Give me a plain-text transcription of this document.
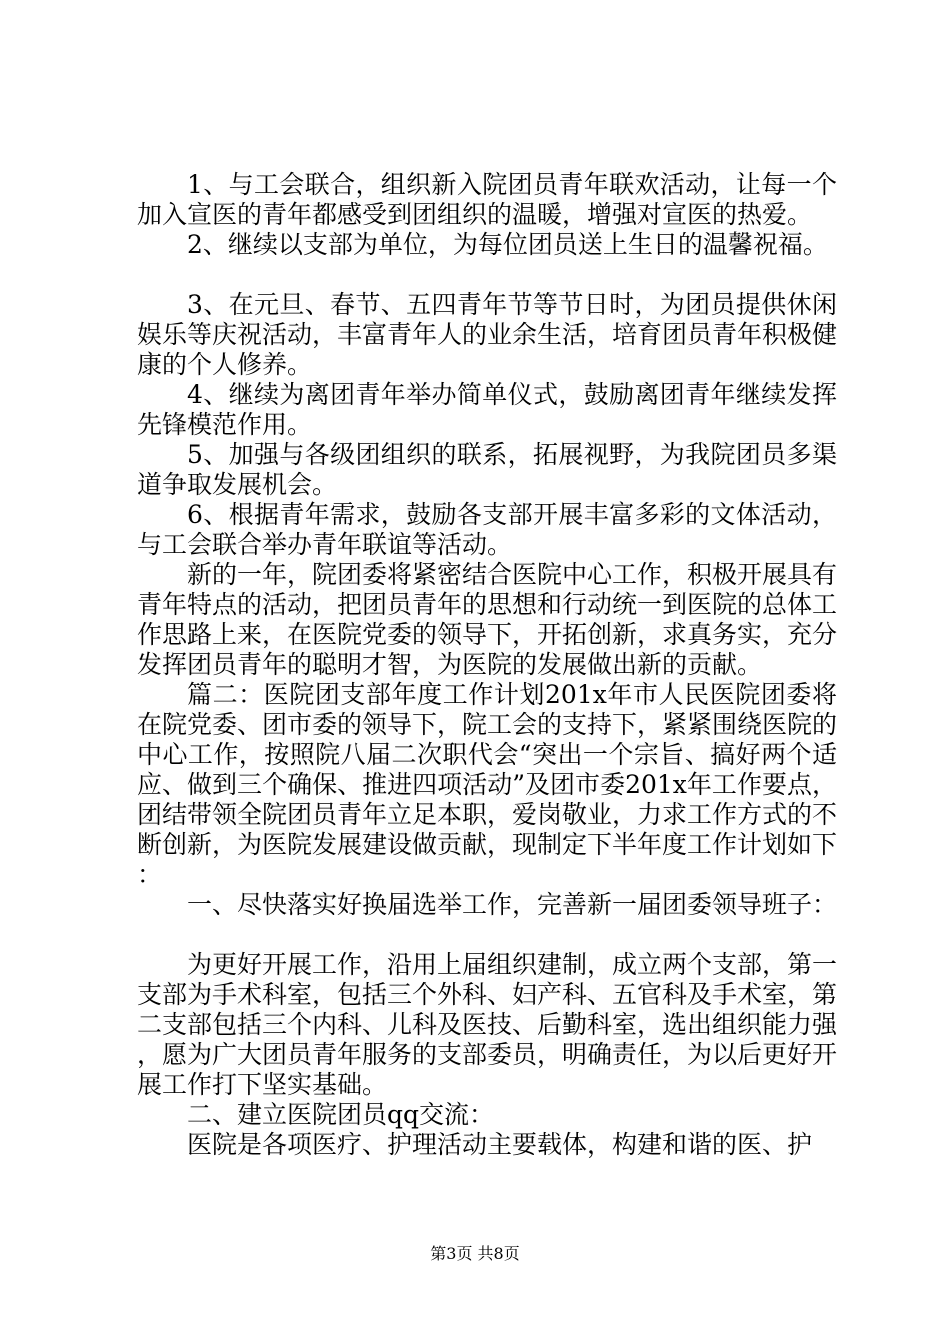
1、与工会联合，组织新入院团员青年联欢活动，让每一个加入宣医的青年都感受到团组织的温暖，增强对宣医的热爱。

2、继续以支部为单位，为每位团员送上生日的温馨祝福。

3、在元旦、春节、五四青年节等节日时，为团员提供休闲娱乐等庆祝活动，丰富青年人的业余生活，培育团员青年积极健康的个人修养。

4、继续为离团青年举办简单仪式，鼓励离团青年继续发挥先锋模范作用。

5、加强与各级团组织的联系，拓展视野，为我院团员多渠道争取发展机会。

6、根据青年需求，鼓励各支部开展丰富多彩的文体活动，与工会联合举办青年联谊等活动。

新的一年，院团委将紧密结合医院中心工作，积极开展具有青年特点的活动，把团员青年的思想和行动统一到医院的总体工作思路上来，在医院党委的领导下，开拓创新，求真务实，充分发挥团员青年的聪明才智，为医院的发展做出新的贡献。

篇二：医院团支部年度工作计划201x年市人民医院团委将在院党委、团市委的领导下，院工会的支持下，紧紧围绕医院的中心工作，按照院八届二次职代会“突出一个宗旨、搞好两个适应、做到三个确保、推进四项活动”及团市委201x年工作要点，团结带领全院团员青年立足本职，爱岗敬业，力求工作方式的不断创新，为医院发展建设做贡献，现制定下半年度工作计划如下：

一、尽快落实好换届选举工作，完善新一届团委领导班子：

为更好开展工作，沿用上届组织建制，成立两个支部，第一支部为手术科室，包括三个外科、妇产科、五官科及手术室，第二支部包括三个内科、儿科及医技、后勤科室，选出组织能力强，愿为广大团员青年服务的支部委员，明确责任，为以后更好开展工作打下坚实基础。

二、建立医院团员qq交流：

医院是各项医疗、护理活动主要载体，构建和谐的医、护

第3页 共8页
